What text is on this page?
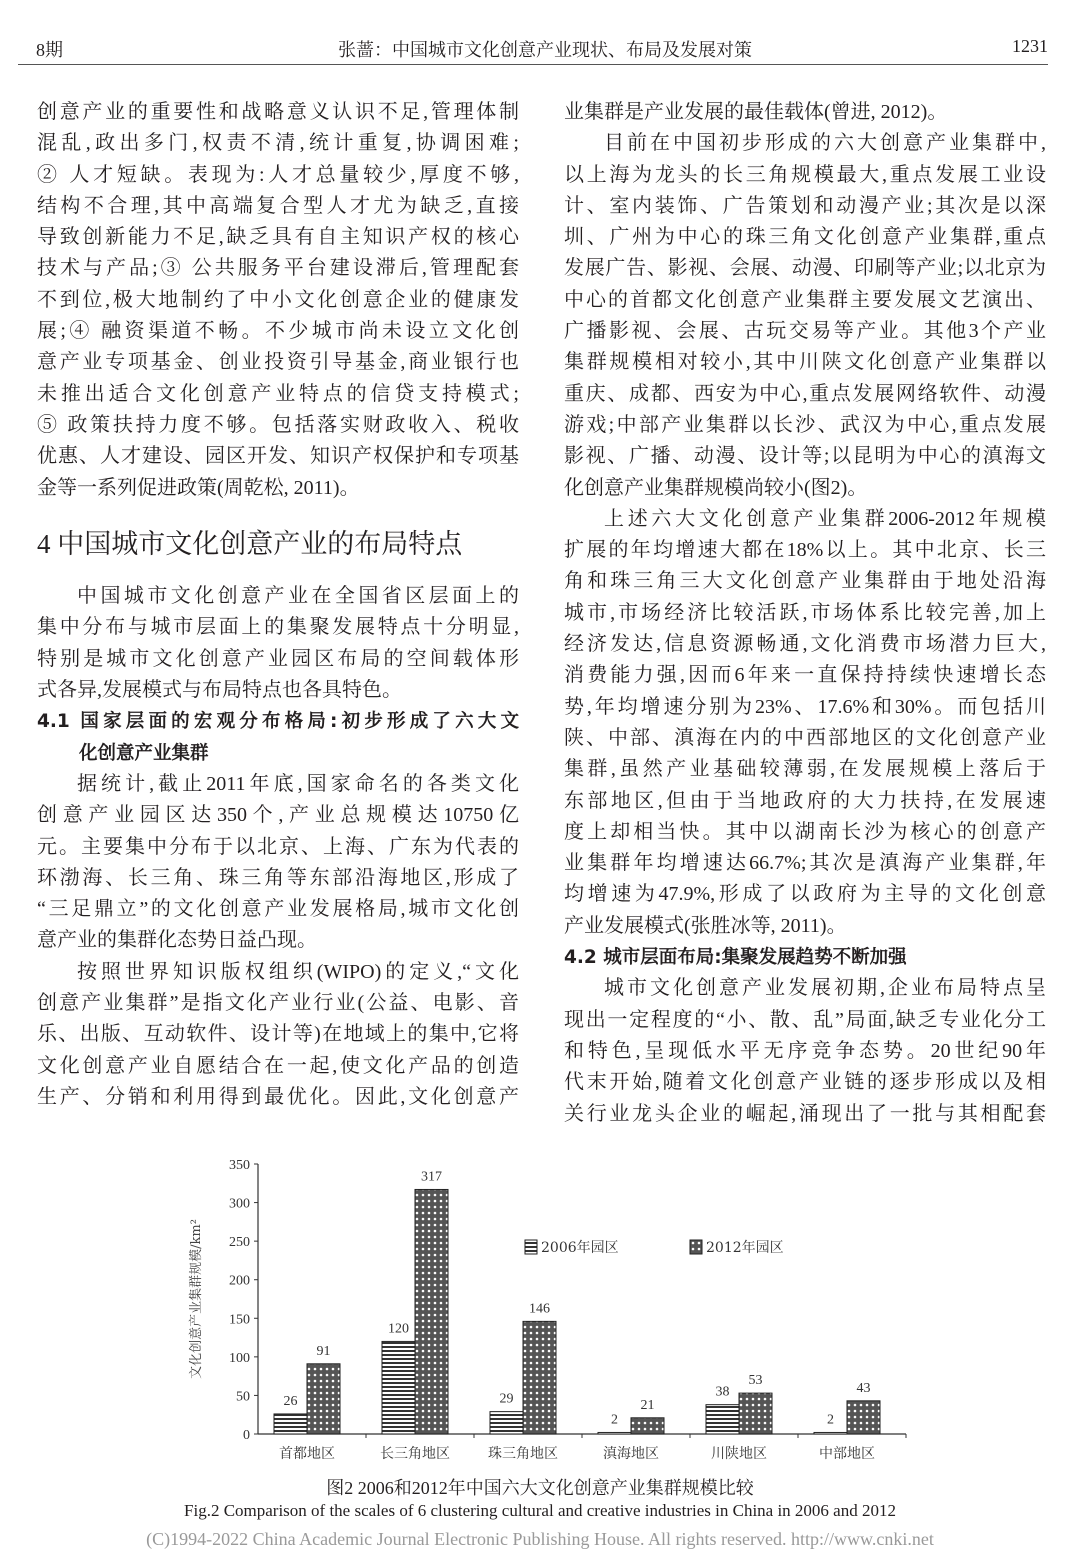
8期	张蔷：中国城市文化创意产业现状、布局及发展对策	1231
创意产业的重要性和战略意义认识不足,管理体制
混乱,政出多门,权责不清,统计重复,协调困难;
② 人才短缺。表现为:人才总量较少,厚度不够,
结构不合理,其中高端复合型人才尤为缺乏,直接
导致创新能力不足,缺乏具有自主知识产权的核心
技术与产品;③ 公共服务平台建设滞后,管理配套
不到位,极大地制约了中小文化创意企业的健康发
展;④ 融资渠道不畅。不少城市尚未设立文化创
意产业专项基金、创业投资引导基金,商业银行也
未推出适合文化创意产业特点的信贷支持模式;
⑤ 政策扶持力度不够。包括落实财政收入、税收
优惠、人才建设、园区开发、知识产权保护和专项基
金等一系列促进政策(周乾松, 2011)。
4 中国城市文化创意产业的布局特点
中国城市文化创意产业在全国省区层面上的
集中分布与城市层面上的集聚发展特点十分明显,
特别是城市文化创意产业园区布局的空间载体形
式各异,发展模式与布局特点也各具特色。
4.1 国家层面的宏观分布格局:初步形成了六大文
化创意产业集群
据统计,截止2011年底,国家命名的各类文化
创意产业园区达350个,产业总规模达10750亿
元。主要集中分布于以北京、上海、广东为代表的
环渤海、长三角、珠三角等东部沿海地区,形成了
“三足鼎立”的文化创意产业发展格局,城市文化创
意产业的集群化态势日益凸现。
按照世界知识版权组织(WIPO)的定义,“文化
创意产业集群”是指文化产业行业(公益、电影、音
乐、出版、互动软件、设计等)在地域上的集中,它将
文化创意产业自愿结合在一起,使文化产品的创造
生产、分销和利用得到最优化。因此,文化创意产
业集群是产业发展的最佳载体(曾进, 2012)。
目前在中国初步形成的六大创意产业集群中,
以上海为龙头的长三角规模最大,重点发展工业设
计、室内装饰、广告策划和动漫产业;其次是以深
圳、广州为中心的珠三角文化创意产业集群,重点
发展广告、影视、会展、动漫、印刷等产业;以北京为
中心的首都文化创意产业集群主要发展文艺演出、
广播影视、会展、古玩交易等产业。其他3个产业
集群规模相对较小,其中川陕文化创意产业集群以
重庆、成都、西安为中心,重点发展网络软件、动漫
游戏;中部产业集群以长沙、武汉为中心,重点发展
影视、广播、动漫、设计等;以昆明为中心的滇海文
化创意产业集群规模尚较小(图2)。
上述六大文化创意产业集群2006-2012年规模
扩展的年均增速大都在18%以上。其中北京、长三
角和珠三角三大文化创意产业集群由于地处沿海
城市,市场经济比较活跃,市场体系比较完善,加上
经济发达,信息资源畅通,文化消费市场潜力巨大,
消费能力强,因而6年来一直保持持续快速增长态
势,年均增速分别为23%、17.6%和30%。而包括川
陕、中部、滇海在内的中西部地区的文化创意产业
集群,虽然产业基础较薄弱,在发展规模上落后于
东部地区,但由于当地政府的大力扶持,在发展速
度上却相当快。其中以湖南长沙为核心的创意产
业集群年均增速达66.7%;其次是滇海产业集群,年
均增速为47.9%,形成了以政府为主导的文化创意
产业发展模式(张胜冰等, 2011)。
4.2 城市层面布局:集聚发展趋势不断加强
城市文化创意产业发展初期,企业布局特点呈
现出一定程度的“小、散、乱”局面,缺乏专业化分工
和特色,呈现低水平无序竞争态势。20世纪90年
代末开始,随着文化创意产业链的逐步形成以及相
关行业龙头企业的崛起,涌现出了一批与其相配套
0
50
100
150
200
250
300
350
文化创意产业集群规模/km²
首都地区
26
91
长三角地区
120
317
珠三角地区
29
146
滇海地区
2
21
川陕地区
38
53
中部地区
2
43
2006年园区	2012年园区
图2 2006和2012年中国六大文化创意产业集群规模比较
Fig.2 Comparison of the scales of 6 clustering cultural and creative industries in China in 2006 and 2012
(C)1994-2022 China Academic Journal Electronic Publishing House. All rights reserved. http://www.cnki.net
